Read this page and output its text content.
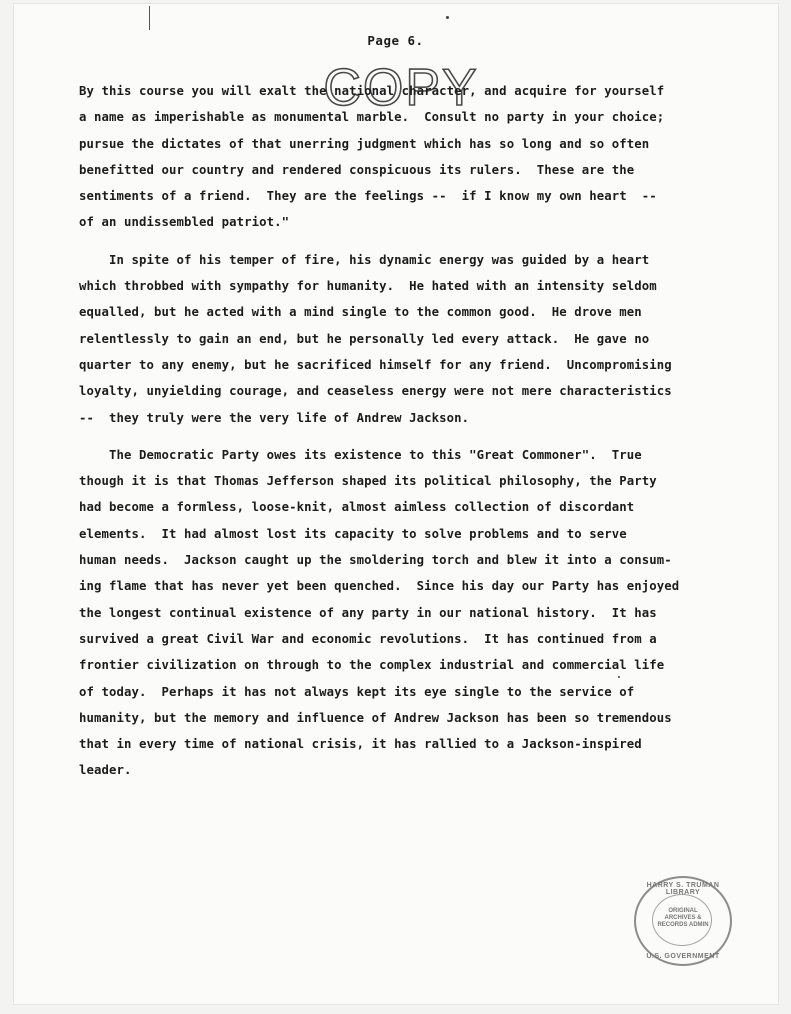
Page 6.
COPY

By this course you will exalt the national character, and acquire for yourself

a name as imperishable as monumental marble.  Consult no party in your choice;

pursue the dictates of that unerring judgment which has so long and so often

benefitted our country and rendered conspicuous its rulers.  These are the

sentiments of a friend.  They are the feelings --  if I know my own heart  --

of an undissembled patriot."

In spite of his temper of fire, his dynamic energy was guided by a heart

which throbbed with sympathy for humanity.  He hated with an intensity seldom

equalled, but he acted with a mind single to the common good.  He drove men

relentlessly to gain an end, but he personally led every attack.  He gave no

quarter to any enemy, but he sacrificed himself for any friend.  Uncompromising

loyalty, unyielding courage, and ceaseless energy were not mere characteristics

--  they truly were the very life of Andrew Jackson.

The Democratic Party owes its existence to this "Great Commoner".  True

though it is that Thomas Jefferson shaped its political philosophy, the Party

had become a formless, loose-knit, almost aimless collection of discordant

elements.  It had almost lost its capacity to solve problems and to serve

human needs.  Jackson caught up the smoldering torch and blew it into a consum-

ing flame that has never yet been quenched.  Since his day our Party has enjoyed

the longest continual existence of any party in our national history.  It has

survived a great Civil War and economic revolutions.  It has continued from a

frontier civilization on through to the complex industrial and commercial life

of today.  Perhaps it has not always kept its eye single to the service of

humanity, but the memory and influence of Andrew Jackson has been so tremendous

that in every time of national crisis, it has rallied to a Jackson-inspired

leader.

HARRY S. TRUMAN LIBRARY
ORIGINAL ARCHIVES & RECORDS ADMIN
U.S. GOVERNMENT
